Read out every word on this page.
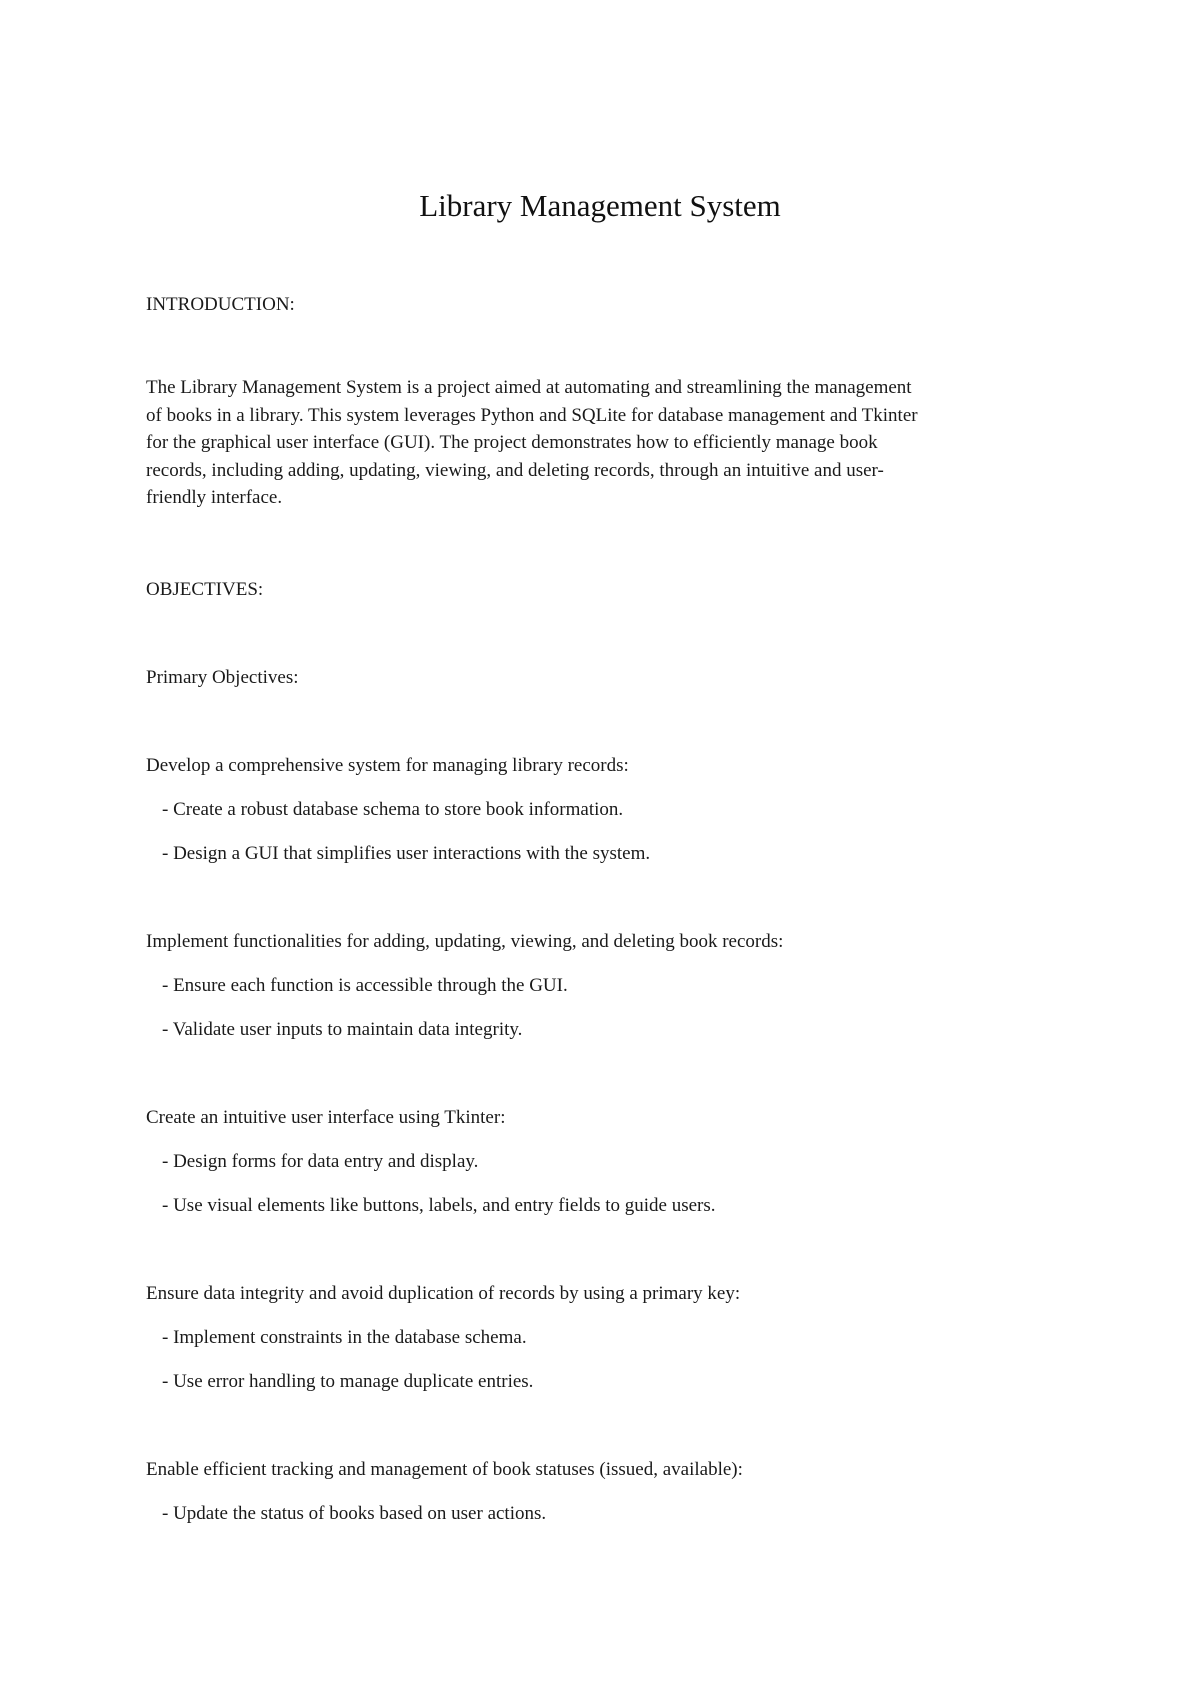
Library Management System

INTRODUCTION:

The Library Management System is a project aimed at automating and streamlining the management
of books in a library. This system leverages Python and SQLite for database management and Tkinter
for the graphical user interface (GUI). The project demonstrates how to efficiently manage book
records, including adding, updating, viewing, and deleting records, through an intuitive and user-
friendly interface.

OBJECTIVES:

Primary Objectives:

Develop a comprehensive system for managing library records:

- Create a robust database schema to store book information.

- Design a GUI that simplifies user interactions with the system.

Implement functionalities for adding, updating, viewing, and deleting book records:

- Ensure each function is accessible through the GUI.

- Validate user inputs to maintain data integrity.

Create an intuitive user interface using Tkinter:

- Design forms for data entry and display.

- Use visual elements like buttons, labels, and entry fields to guide users.

Ensure data integrity and avoid duplication of records by using a primary key:

- Implement constraints in the database schema.

- Use error handling to manage duplicate entries.

Enable efficient tracking and management of book statuses (issued, available):

- Update the status of books based on user actions.
